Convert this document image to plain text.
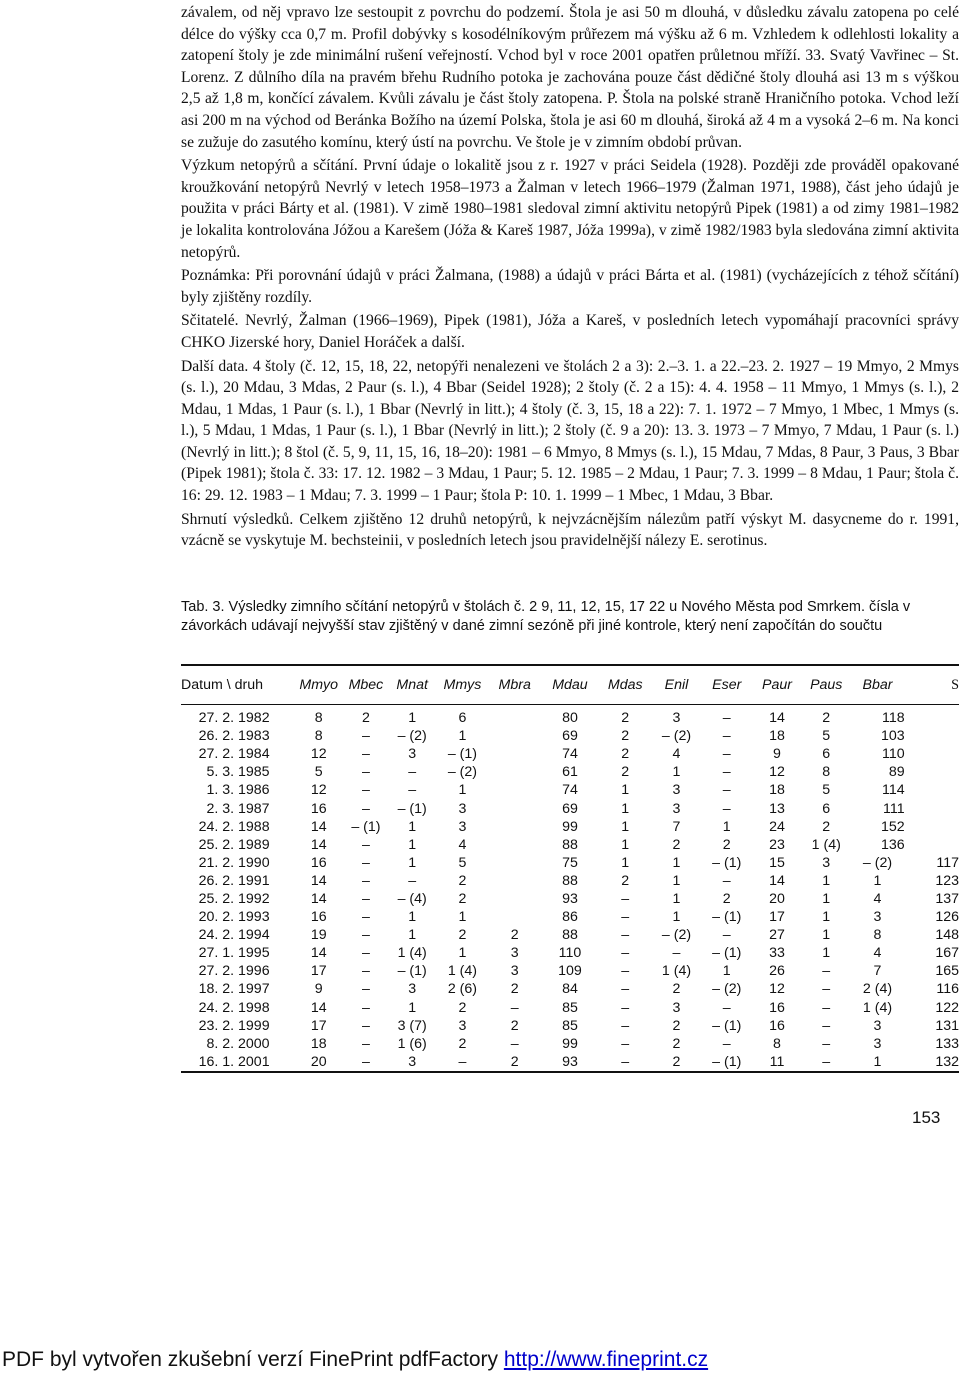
závalem, od něj vpravo lze sestoupit z povrchu do podzemí. Štola je asi 50 m dlouhá, v důsledku závalu zatopena po celé délce do výšky cca 0,7 m. Profil dobývky s kosodélníkovým průřezem má výšku až 6 m. Vzhledem k odlehlosti lokality a zatopení štoly je zde minimální rušení veřejností. Vchod byl v roce 2001 opatřen průletnou mříží. 33. Svatý Vavřinec – St. Lorenz. Z důlního díla na pravém břehu Rudního potoka je zachována pouze část dědičné štoly dlouhá asi 13 m s výškou 2,5 až 1,8 m, končící závalem. Kvůli závalu je část štoly zatopena. P. Štola na polské straně Hraničního potoka. Vchod leží asi 200 m na východ od Beránka Božího na území Polska, štola je asi 60 m dlouhá, široká až 4 m a vysoká 2–6 m. Na konci se zužuje do zasutého komínu, který ústí na povrchu. Ve štole je v zimním období průvan.

Výzkum netopýrů a sčítání. První údaje o lokalitě jsou z r. 1927 v práci Seidela (1928). Později zde prováděl opakované kroužkování netopýrů Nevrlý v letech 1958–1973 a Žalman v letech 1966–1979 (Žalman 1971, 1988), část jeho údajů je použita v práci Bárty et al. (1981). V zimě 1980–1981 sledoval zimní aktivitu netopýrů Pipek (1981) a od zimy 1981–1982 je lokalita kontrolována Jóžou a Karešem (Jóža & Kareš 1987, Jóža 1999a), v zimě 1982/1983 byla sledována zimní aktivita netopýrů.

Poznámka: Při porovnání údajů v práci Žalmana, (1988) a údajů v práci Bárta et al. (1981) (vycházejících z téhož sčítání) byly zjištěny rozdíly.

Sčitatelé. Nevrlý, Žalman (1966–1969), Pipek (1981), Jóža a Kareš, v posledních letech vypomáhají pracovníci správy CHKO Jizerské hory, Daniel Horáček a další.

Další data. 4 štoly (č. 12, 15, 18, 22, netopýři nenalezeni ve štolách 2 a 3): 2.–3. 1. a 22.–23. 2. 1927 – 19 Mmyo, 2 Mmys (s. l.), 20 Mdau, 3 Mdas, 2 Paur (s. l.), 4 Bbar (Seidel 1928); 2 štoly (č. 2 a 15): 4. 4. 1958 – 11 Mmyo, 1 Mmys (s. l.), 2 Mdau, 1 Mdas, 1 Paur (s. l.), 1 Bbar (Nevrlý in litt.); 4 štoly (č. 3, 15, 18 a 22): 7. 1. 1972 – 7 Mmyo, 1 Mbec, 1 Mmys (s. l.), 5 Mdau, 1 Mdas, 1 Paur (s. l.), 1 Bbar (Nevrlý in litt.); 2 štoly (č. 9 a 20): 13. 3. 1973 – 7 Mmyo, 7 Mdau, 1 Paur (s. l.) (Nevrlý in litt.); 8 štol (č. 5, 9, 11, 15, 16, 18–20): 1981 – 6 Mmyo, 8 Mmys (s. l.), 15 Mdau, 7 Mdas, 8 Paur, 3 Paus, 3 Bbar (Pipek 1981); štola č. 33: 17. 12. 1982 – 3 Mdau, 1 Paur; 5. 12. 1985 – 2 Mdau, 1 Paur; 7. 3. 1999 – 8 Mdau, 1 Paur; štola č. 16: 29. 12. 1983 – 1 Mdau; 7. 3. 1999 – 1 Paur; štola P: 10. 1. 1999 – 1 Mbec, 1 Mdau, 3 Bbar.

Shrnutí výsledků. Celkem zjištěno 12 druhů netopýrů, k nejvzácnějším nálezům patří výskyt M. dasycneme do r. 1991, vzácně se vyskytuje M. bechsteinii, v posledních letech jsou pravidelnější nálezy E. serotinus.

Tab. 3. Výsledky zimního sčítání netopýrů v štolách č. 2 9, 11, 12, 15, 17 22 u Nového Města pod Smrkem. čísla v závorkách udávají nejvyšší stav zjištěný v dané zimní sezóně při jiné kontrole, který není započítán do součtu
Datum \ druh	Mmyo	Mbec	Mnat	Mmys	Mbra	Mdau	Mdas	Enil	Eser	Paur	Paus	Bbar	S
27. 2. 1982	8	2	1	6		80	2	3	–	14	2	118	
26. 2. 1983	8	–	– (2)	1		69	2	– (2)	–	18	5	103	
27. 2. 1984	12	–	3	– (1)		74	2	4	–	9	6	110	
5. 3. 1985	5	–	–	– (2)		61	2	1	–	12	8	89	
1. 3. 1986	12	–	–	1		74	1	3	–	18	5	114	
2. 3. 1987	16	–	– (1)	3		69	1	3	–	13	6	111	
24. 2. 1988	14	– (1)	1	3		99	1	7	1	24	2	152	
25. 2. 1989	14	–	1	4		88	1	2	2	23	1 (4)	136	
21. 2. 1990	16	–	1	5		75	1	1	– (1)	15	3	– (2)	117
26. 2. 1991	14	–	–	2		88	2	1	–	14	1	1	123
25. 2. 1992	14	–	– (4)	2		93	–	1	2	20	1	4	137
20. 2. 1993	16	–	1	1		86	–	1	– (1)	17	1	3	126
24. 2. 1994	19	–	1	2	2	88	–	– (2)	–	27	1	8	148
27. 1. 1995	14	–	1 (4)	1	3	110	–	–	– (1)	33	1	4	167
27. 2. 1996	17	–	– (1)	1 (4)	3	109	–	1 (4)	1	26	–	7	165
18. 2. 1997	9	–	3	2 (6)	2	84	–	2	– (2)	12	–	2 (4)	116
24. 2. 1998	14	–	1	2	–	85	–	3	–	16	–	1 (4)	122
23. 2. 1999	17	–	3 (7)	3	2	85	–	2	– (1)	16	–	3	131
8. 2. 2000	18	–	1 (6)	2	–	99	–	2	–	8	–	3	133
16. 1. 2001	20	–	3	–	2	93	–	2	– (1)	11	–	1	132
153
PDF byl vytvořen zkušební verzí FinePrint pdfFactory http://www.fineprint.cz
